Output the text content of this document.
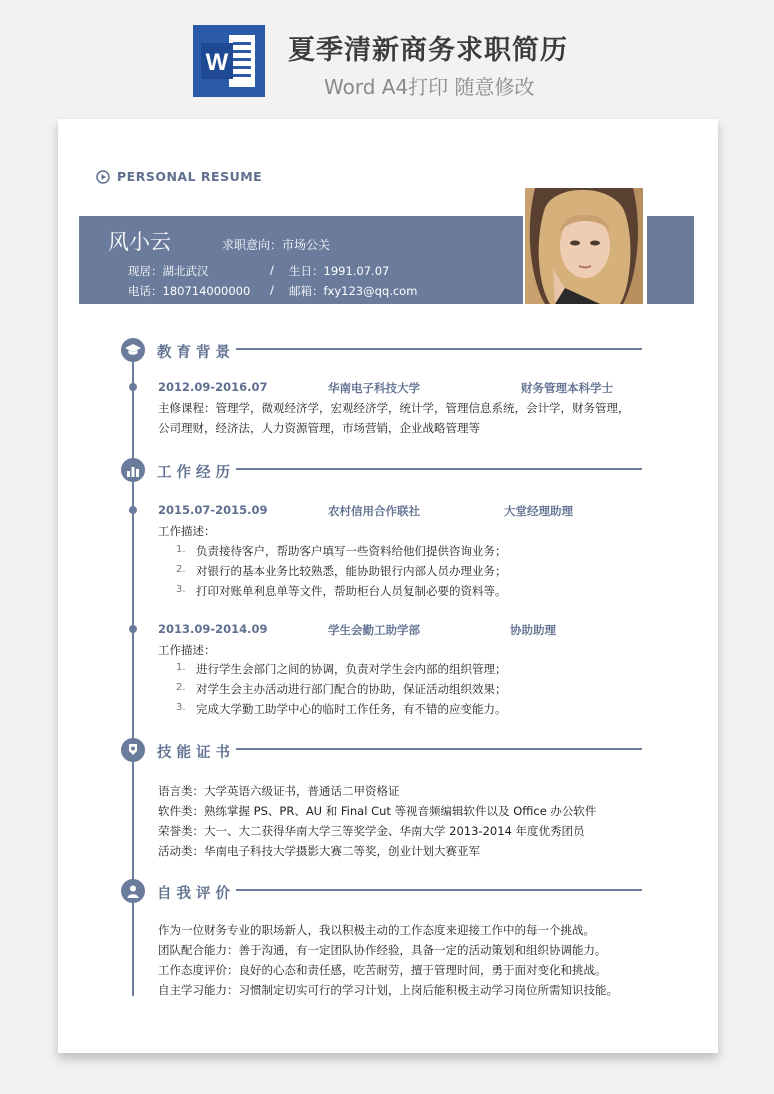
W 夏季清新商务求职简历
Word A4打印 随意修改
PERSONAL RESUME
风小云	求职意向：市场公关
现居：湖北武汉	/ 生日：1991.07.07
电话：180714000000 / 邮箱：fxy123@qq.com
教育背景
2012.09-2016.07	华南电子科技大学	财务管理本科学士
主修课程：管理学，微观经济学，宏观经济学，统计学，管理信息系统，会计学，财务管理，
公司理财，经济法，人力资源管理，市场营销，企业战略管理等
工作经历
2015.07-2015.09	农村信用合作联社	大堂经理助理
工作描述：
1. 负责接待客户，帮助客户填写一些资料给他们提供咨询业务；
2. 对银行的基本业务比较熟悉，能协助银行内部人员办理业务；
3. 打印对账单利息单等文件，帮助柜台人员复制必要的资料等。
2013.09-2014.09	学生会勤工助学部	协助助理
工作描述：
1. 进行学生会部门之间的协调，负责对学生会内部的组织管理；
2. 对学生会主办活动进行部门配合的协助，保证活动组织效果；
3. 完成大学勤工助学中心的临时工作任务，有不错的应变能力。
技能证书
语言类：大学英语六级证书，普通话二甲资格证
软件类：熟练掌握 PS、PR、AU 和 Final Cut 等视音频编辑软件以及 Office 办公软件
荣誉类：大一、大二获得华南大学三等奖学金、华南大学 2013-2014 年度优秀团员
活动类：华南电子科技大学摄影大赛二等奖，创业计划大赛亚军
自我评价
作为一位财务专业的职场新人，我以积极主动的工作态度来迎接工作中的每一个挑战。
团队配合能力：善于沟通，有一定团队协作经验，具备一定的活动策划和组织协调能力。
工作态度评价：良好的心态和责任感，吃苦耐劳，擅于管理时间，勇于面对变化和挑战。
自主学习能力：习惯制定切实可行的学习计划，上岗后能积极主动学习岗位所需知识技能。
